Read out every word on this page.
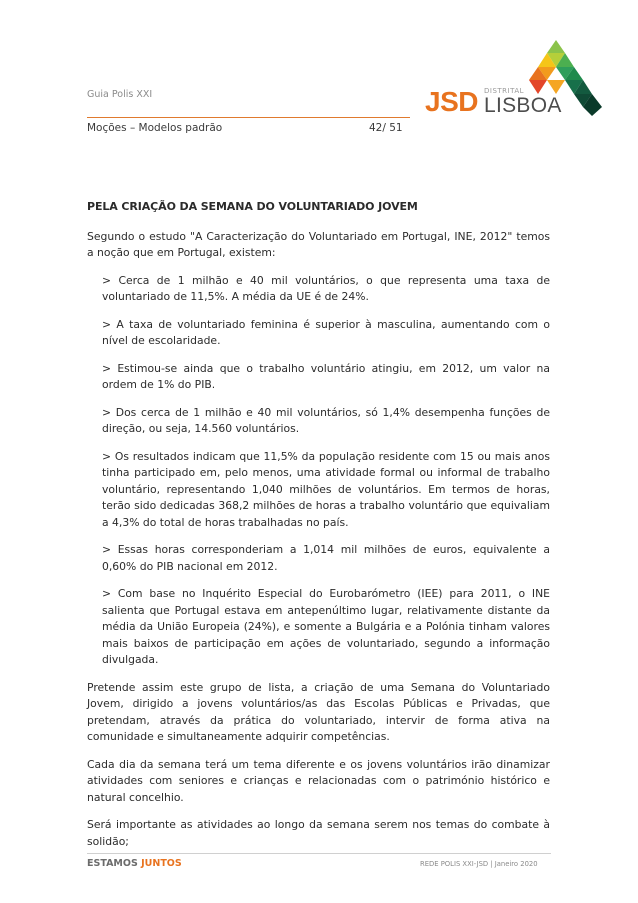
Guia Polis XXI
Moções – Modelos padrão	42/ 51
JSD DISTRITAL
LISBOA
PELA CRIAÇÃO DA SEMANA DO VOLUNTARIADO JOVEM

Segundo o estudo "A Caracterização do Voluntariado em Portugal, INE, 2012" temos a noção que em Portugal, existem:

> Cerca de 1 milhão e 40 mil voluntários, o que representa uma taxa de voluntariado de 11,5%. A média da UE é de 24%.

> A taxa de voluntariado feminina é superior à masculina, aumentando com o nível de escolaridade.

> Estimou-se ainda que o trabalho voluntário atingiu, em 2012, um valor na ordem de 1% do PIB.

> Dos cerca de 1 milhão e 40 mil voluntários, só 1,4% desempenha funções de direção, ou seja, 14.560 voluntários.

> Os resultados indicam que 11,5% da população residente com 15 ou mais anos tinha participado em, pelo menos, uma atividade formal ou informal de trabalho voluntário, representando 1,040 milhões de voluntários. Em termos de horas, terão sido dedicadas 368,2 milhões de horas a trabalho voluntário que equivaliam a 4,3% do total de horas trabalhadas no país.

> Essas horas corresponderiam a 1,014 mil milhões de euros, equivalente a 0,60% do PIB nacional em 2012.

> Com base no Inquérito Especial do Eurobarómetro (IEE) para 2011, o INE salienta que Portugal estava em antepenúltimo lugar, relativamente distante da média da União Europeia (24%), e somente a Bulgária e a Polónia tinham valores mais baixos de participação em ações de voluntariado, segundo a informação divulgada.

Pretende assim este grupo de lista, a criação de uma Semana do Voluntariado Jovem, dirigido a jovens voluntários/as das Escolas Públicas e Privadas, que pretendam, através da prática do voluntariado, intervir de forma ativa na comunidade e simultaneamente adquirir competências.

Cada dia da semana terá um tema diferente e os jovens voluntários irão dinamizar atividades com seniores e crianças e relacionadas com o património histórico e natural concelhio.

Será importante as atividades ao longo da semana serem nos temas do combate à solidão;

ESTAMOS JUNTOS	REDE POLIS XXI-JSD | Janeiro 2020
